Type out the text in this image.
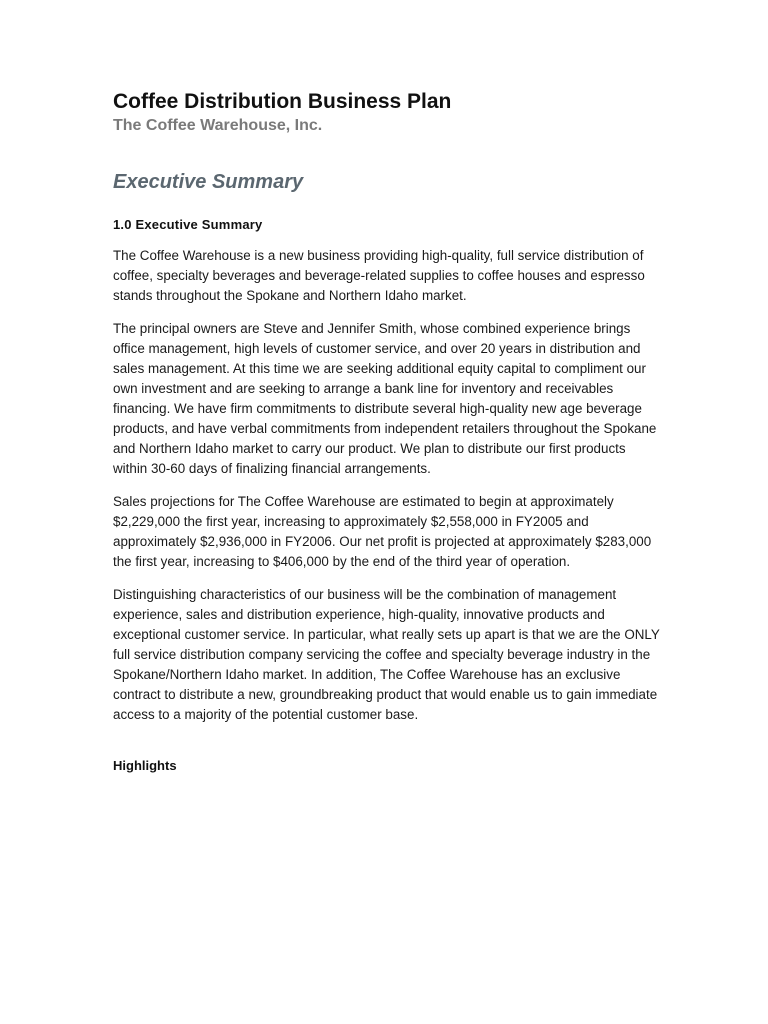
Coffee Distribution Business Plan
The Coffee Warehouse, Inc.
Executive Summary
1.0 Executive Summary

The Coffee Warehouse is a new business providing high-quality, full service distribution of coffee, specialty beverages and beverage-related supplies to coffee houses and espresso stands throughout the Spokane and Northern Idaho market.

The principal owners are Steve and Jennifer Smith, whose combined experience brings office management, high levels of customer service, and over 20 years in distribution and sales management. At this time we are seeking additional equity capital to compliment our own investment and are seeking to arrange a bank line for inventory and receivables financing. We have firm commitments to distribute several high-quality new age beverage products, and have verbal commitments from independent retailers throughout the Spokane and Northern Idaho market to carry our product. We plan to distribute our first products within 30-60 days of finalizing financial arrangements.

Sales projections for The Coffee Warehouse are estimated to begin at approximately $2,229,000 the first year, increasing to approximately $2,558,000 in FY2005 and approximately $2,936,000 in FY2006. Our net profit is projected at approximately $283,000 the first year, increasing to $406,000 by the end of the third year of operation.

Distinguishing characteristics of our business will be the combination of management experience, sales and distribution experience, high-quality, innovative products and exceptional customer service. In particular, what really sets up apart is that we are the ONLY full service distribution company servicing the coffee and specialty beverage industry in the Spokane/Northern Idaho market. In addition, The Coffee Warehouse has an exclusive contract to distribute a new, groundbreaking product that would enable us to gain immediate access to a majority of the potential customer base.

Highlights
